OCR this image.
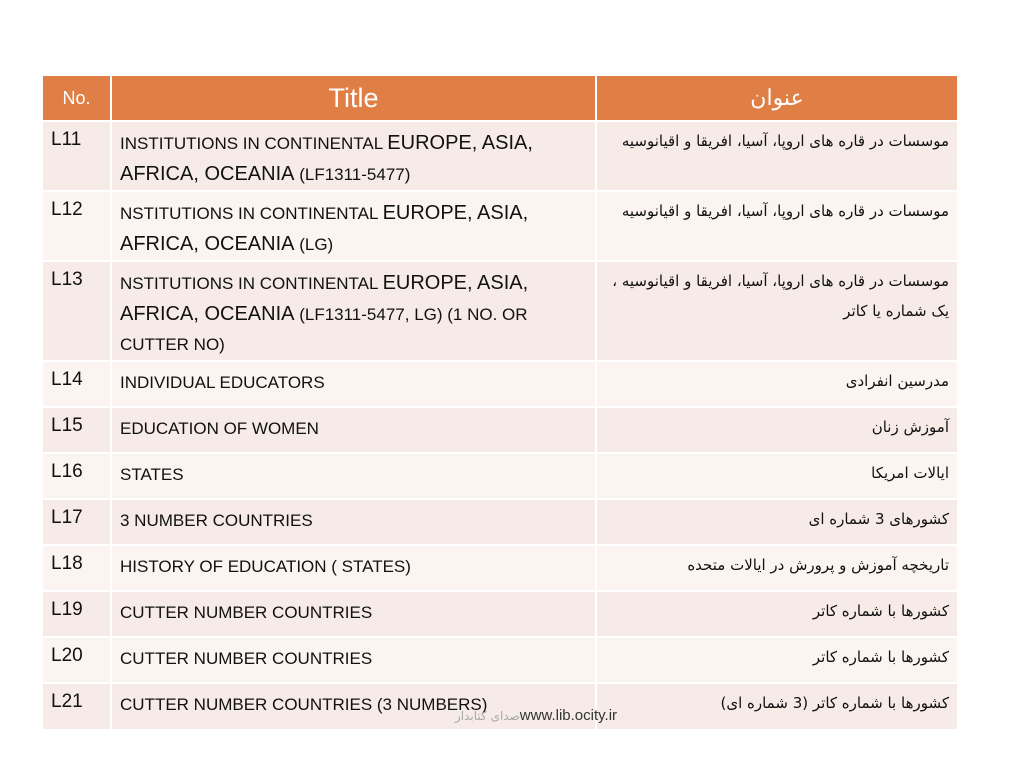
No.	Title	عنوان
L11	INSTITUTIONS IN CONTINENTAL EUROPE, ASIA, AFRICA, OCEANIA (LF1311-5477)	موسسات در قاره های اروپا، آسیا، افریقا و اقیانوسیه
L12	NSTITUTIONS IN CONTINENTAL EUROPE, ASIA, AFRICA, OCEANIA (LG)	موسسات در قاره های اروپا، آسیا، افریقا و اقیانوسیه
L13	NSTITUTIONS IN CONTINENTAL EUROPE, ASIA, AFRICA, OCEANIA (LF1311-5477, LG) (1 NO. OR CUTTER NO)	موسسات در قاره های اروپا، آسیا، افریقا و اقیانوسیه ، یک شماره یا کاتر
L14	INDIVIDUAL EDUCATORS	مدرسین انفرادی
L15	EDUCATION OF WOMEN	آموزش زنان
L16	STATES	ایالات امریکا
L17	3 NUMBER COUNTRIES	کشورهای 3 شماره ای
L18	HISTORY OF EDUCATION ( STATES)	تاریخچه آموزش و پرورش در ایالات متحده
L19	CUTTER NUMBER COUNTRIES	کشورها با شماره کاتر
L20	CUTTER NUMBER COUNTRIES	کشورها با شماره کاتر
L21	CUTTER NUMBER COUNTRIES (3 NUMBERS)	کشورها با شماره کاتر (3 شماره ای)
صدای کتابدارwww.lib.ocity.ir
